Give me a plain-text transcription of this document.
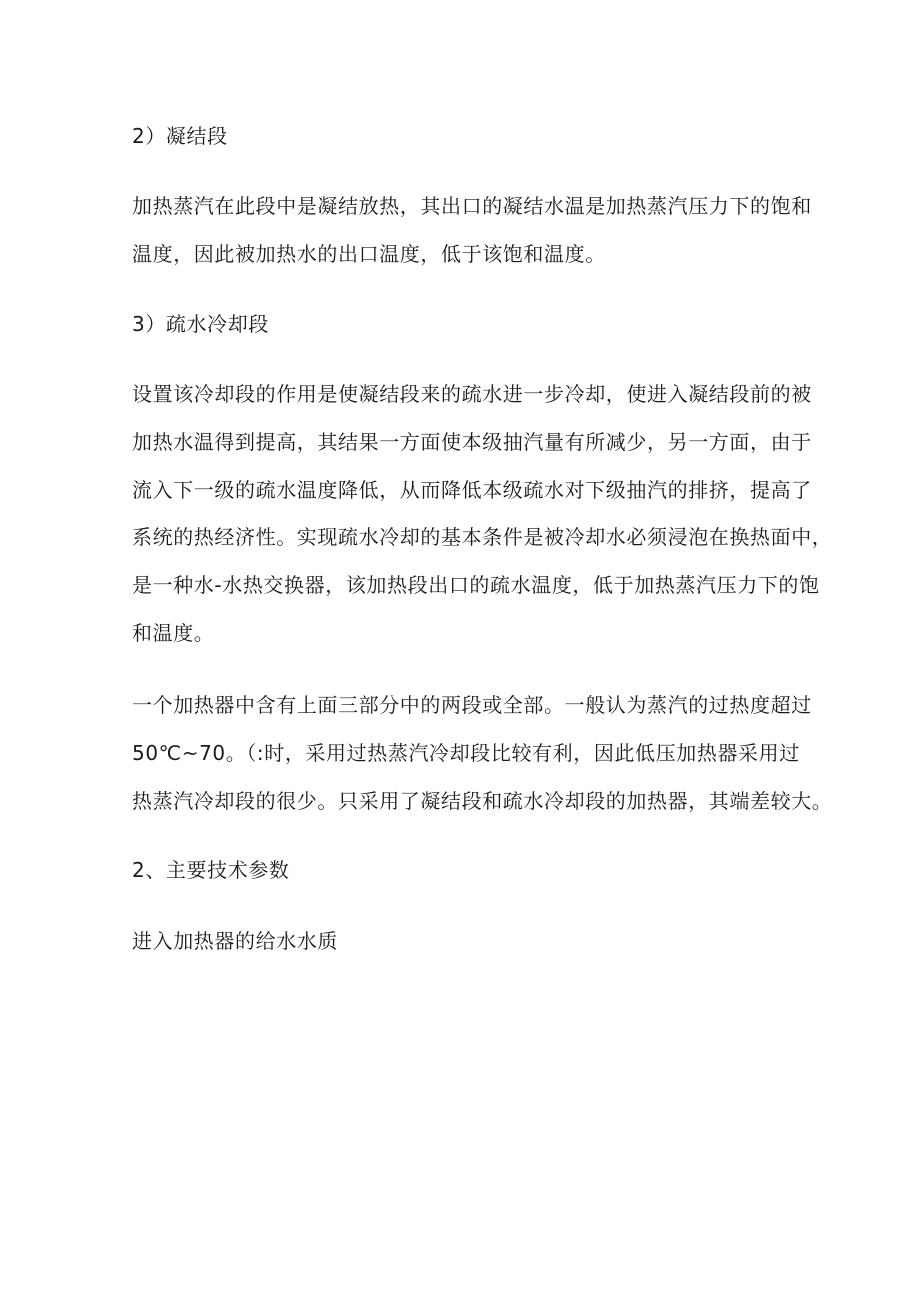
2）凝结段
加热蒸汽在此段中是凝结放热，其出口的凝结水温是加热蒸汽压力下的饱和
温度，因此被加热水的出口温度，低于该饱和温度。
3）疏水冷却段
设置该冷却段的作用是使凝结段来的疏水进一步冷却，使进入凝结段前的被
加热水温得到提高，其结果一方面使本级抽汽量有所减少，另一方面，由于
流入下一级的疏水温度降低，从而降低本级疏水对下级抽汽的排挤，提高了
系统的热经济性。实现疏水冷却的基本条件是被冷却水必须浸泡在换热面中，
是一种水-水热交换器，该加热段出口的疏水温度，低于加热蒸汽压力下的饱
和温度。
一个加热器中含有上面三部分中的两段或全部。一般认为蒸汽的过热度超过
50℃~70。（:时，采用过热蒸汽冷却段比较有利，因此低压加热器采用过
热蒸汽冷却段的很少。只采用了凝结段和疏水冷却段的加热器，其端差较大。
2、主要技术参数
进入加热器的给水水质
